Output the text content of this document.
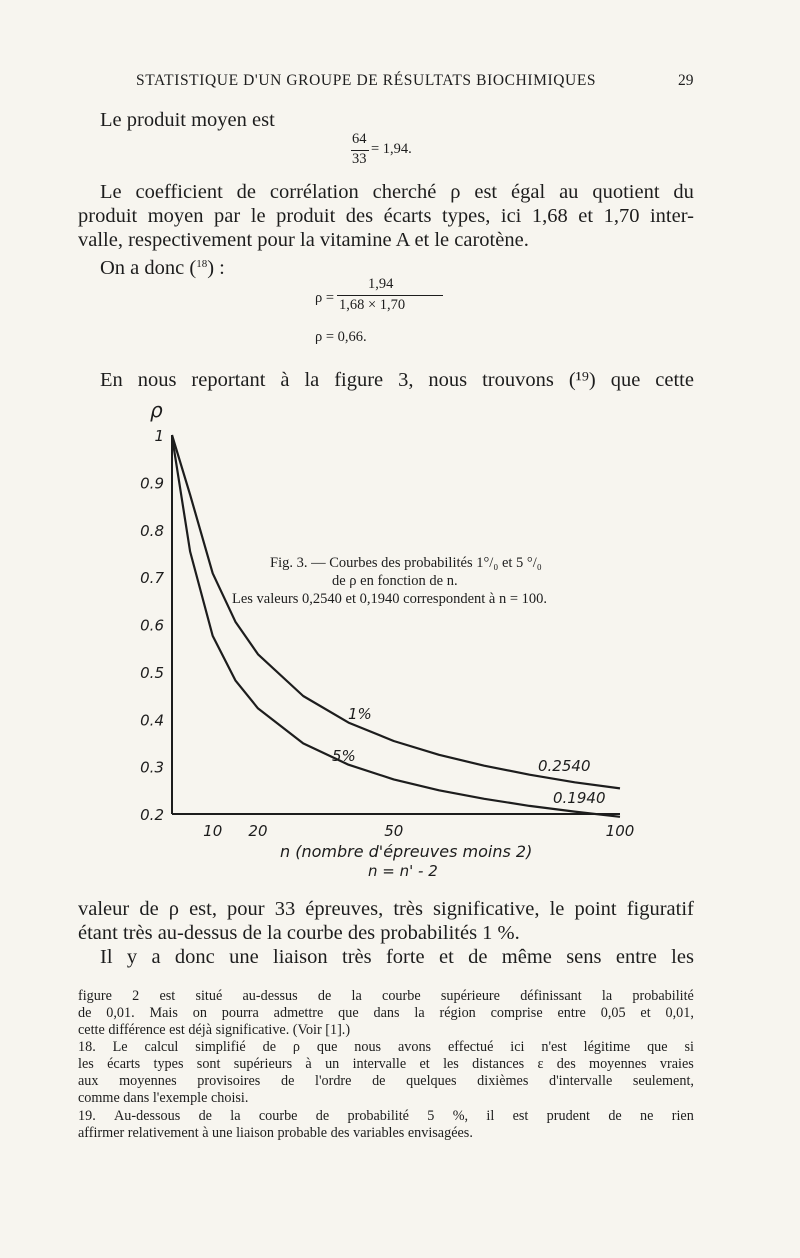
STATISTIQUE D'UN GROUPE DE RÉSULTATS BIOCHIMIQUES	29
Le produit moyen est
64
33
= 1,94.
Le coefficient de corrélation cherché ρ est égal au quotient du
produit moyen par le produit des écarts types, ici 1,68 et 1,70 inter-
valle, respectivement pour la vitamine A et le carotène.
On a donc ($^{18}$) :
ρ =
1,94
1,68 × 1,70
ρ = 0,66.
En nous reportant à la figure 3, nous trouvons (¹⁹) que cette
ρ
1
0.9
0.8
0.7
0.6
0.5
0.4
0.3
0.2
10 20	50	100
1%
0.2540
5%
0.1940
n (nombre d'épreuves moins 2)
n = n' - 2
Fig. 3. — Courbes des probabilités 1°/₀ et 5 °/₀
de ρ en fonction de n.
Les valeurs 0,2540 et 0,1940 correspondent à n = 100.
valeur de ρ est, pour 33 épreuves, très significative, le point figuratif
étant très au-dessus de la courbe des probabilités 1 %.
Il y a donc une liaison très forte et de même sens entre les
figure 2 est situé au-dessus de la courbe supérieure définissant la probabilité
de 0,01. Mais on pourra admettre que dans la région comprise entre 0,05 et 0,01,
cette différence est déjà significative. (Voir [1].)
18. Le calcul simplifié de ρ que nous avons effectué ici n'est légitime que si
les écarts types sont supérieurs à un intervalle et les distances ε des moyennes vraies
aux moyennes provisoires de l'ordre de quelques dixièmes d'intervalle seulement,
comme dans l'exemple choisi.
19. Au-dessous de la courbe de probabilité 5 %, il est prudent de ne rien
affirmer relativement à une liaison probable des variables envisagées.
